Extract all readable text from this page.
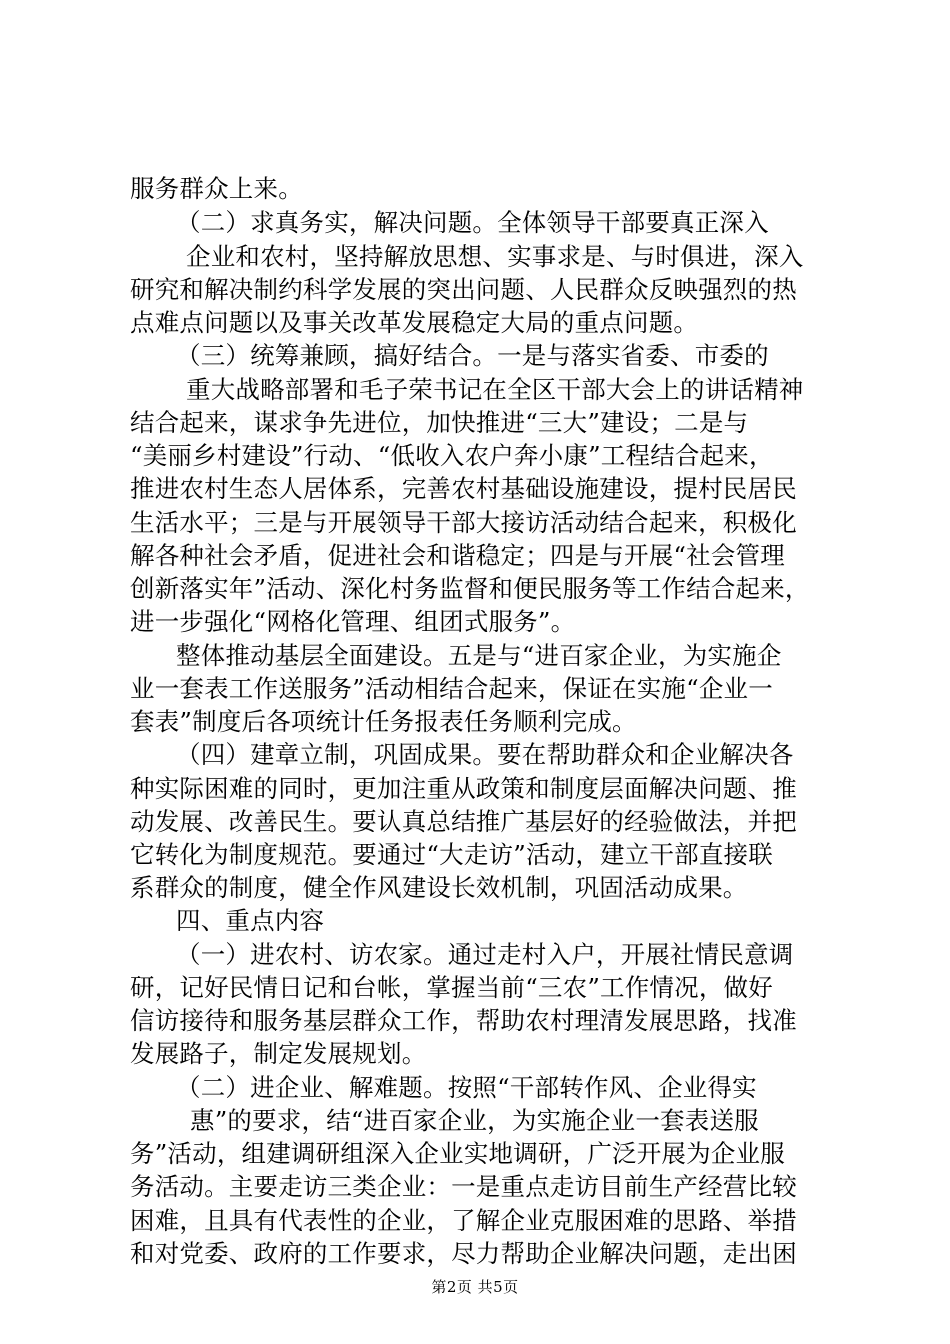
服务群众上来。
（二）求真务实，解决问题。全体领导干部要真正深入
企业和农村，坚持解放思想、实事求是、与时俱进，深入
研究和解决制约科学发展的突出问题、人民群众反映强烈的热
点难点问题以及事关改革发展稳定大局的重点问题。
（三）统筹兼顾，搞好结合。一是与落实省委、市委的
重大战略部署和毛子荣书记在全区干部大会上的讲话精神
结合起来，谋求争先进位，加快推进“三大”建设；二是与
“美丽乡村建设”行动、“低收入农户奔小康”工程结合起来，
推进农村生态人居体系，完善农村基础设施建设，提村民居民
生活水平；三是与开展领导干部大接访活动结合起来，积极化
解各种社会矛盾，促进社会和谐稳定；四是与开展“社会管理
创新落实年”活动、深化村务监督和便民服务等工作结合起来，
进一步强化“网格化管理、组团式服务”。
整体推动基层全面建设。五是与“进百家企业，为实施企
业一套表工作送服务”活动相结合起来，保证在实施“企业一
套表”制度后各项统计任务报表任务顺利完成。
（四）建章立制，巩固成果。要在帮助群众和企业解决各
种实际困难的同时，更加注重从政策和制度层面解决问题、推
动发展、改善民生。要认真总结推广基层好的经验做法，并把
它转化为制度规范。要通过“大走访”活动，建立干部直接联
系群众的制度，健全作风建设长效机制，巩固活动成果。
四、重点内容
（一）进农村、访农家。通过走村入户，开展社情民意调
研，记好民情日记和台帐，掌握当前“三农”工作情况，做好
信访接待和服务基层群众工作，帮助农村理清发展思路，找准
发展路子，制定发展规划。
（二）进企业、解难题。按照“干部转作风、企业得实
惠”的要求，结“进百家企业，为实施企业一套表送服
务”活动，组建调研组深入企业实地调研，广泛开展为企业服
务活动。主要走访三类企业：一是重点走访目前生产经营比较
困难，且具有代表性的企业，了解企业克服困难的思路、举措
和对党委、政府的工作要求，尽力帮助企业解决问题，走出困
第2页 共5页
